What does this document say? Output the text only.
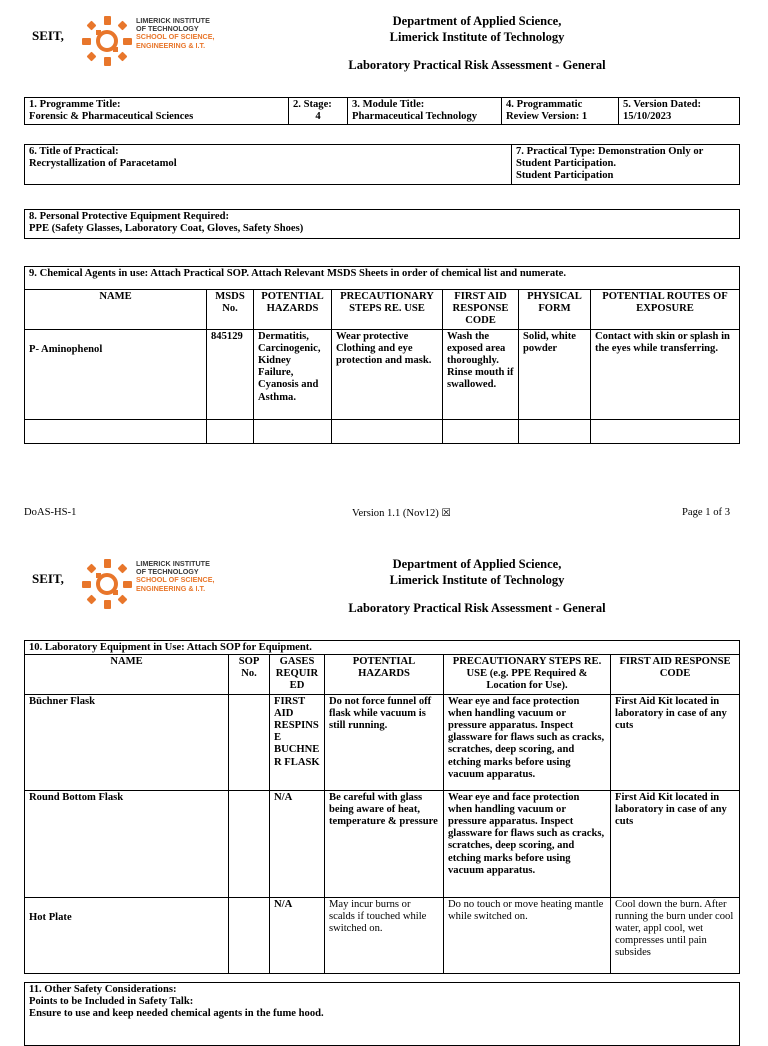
SEIT,
LIMERICK INSTITUTE
OF TECHNOLOGY
SCHOOL OF SCIENCE,
ENGINEERING & I.T.
Department of Applied Science,
Limerick Institute of Technology
Laboratory Practical Risk Assessment - General
1. Programme Title:
Forensic & Pharmaceutical Sciences

2. Stage:
4

3. Module Title:
Pharmaceutical Technology

4. Programmatic
Review Version: 1

5. Version Dated:
15/10/2023
6. Title of Practical:
Recrystallization of Paracetamol

7. Practical Type: Demonstration Only or
Student Participation.
Student Participation
8. Personal Protective Equipment Required:
PPE (Safety Glasses, Laboratory Coat, Gloves, Safety Shoes)
9. Chemical Agents in use: Attach Practical SOP. Attach Relevant MSDS Sheets in order of chemical list and numerate.						
NAME	MSDS No.	POTENTIAL HAZARDS	PRECAUTIONARY STEPS RE. USE	FIRST AID RESPONSE CODE	PHYSICAL FORM	POTENTIAL ROUTES OF EXPOSURE
P- Aminophenol	845129	Dermatitis, Carcinogenic, Kidney Failure, Cyanosis and Asthma.	Wear protective Clothing and eye protection and mask.	Wash the exposed area thoroughly. Rinse mouth if swallowed.	Solid, white powder	Contact with skin or splash in the eyes while transferring.

DoAS-HS-1	Version 1.1 (Nov12) ☒	Page 1 of 3
SEIT,
LIMERICK INSTITUTE
OF TECHNOLOGY
SCHOOL OF SCIENCE,
ENGINEERING & I.T.
Department of Applied Science,
Limerick Institute of Technology
Laboratory Practical Risk Assessment - General
10. Laboratory Equipment in Use: Attach SOP for Equipment.					
NAME	SOP No.	GASES REQUIR ED	POTENTIAL HAZARDS	PRECAUTIONARY STEPS RE. USE (e.g. PPE Required & Location for Use).	FIRST AID RESPONSE CODE
Büchner Flask		FIRST AID RESPINS E BUCHNE R FLASK	Do not force funnel off flask while vacuum is still running.	Wear eye and face protection when handling vacuum or pressure apparatus. Inspect glassware for flaws such as cracks, scratches, deep scoring, and etching marks before using vacuum apparatus.	First Aid Kit located in laboratory in case of any cuts
Round Bottom Flask		N/A	Be careful with glass being aware of heat, temperature & pressure	Wear eye and face protection when handling vacuum or pressure apparatus. Inspect glassware for flaws such as cracks, scratches, deep scoring, and etching marks before using vacuum apparatus.	First Aid Kit located in laboratory in case of any cuts
Hot Plate		N/A	May incur burns or scalds if touched while switched on.	Do no touch or move heating mantle while switched on.	Cool down the burn. After running the burn under cool water, appl cool, wet compresses until pain subsides
11. Other Safety Considerations:
Points to be Included in Safety Talk:
Ensure to use and keep needed chemical agents in the fume hood.
